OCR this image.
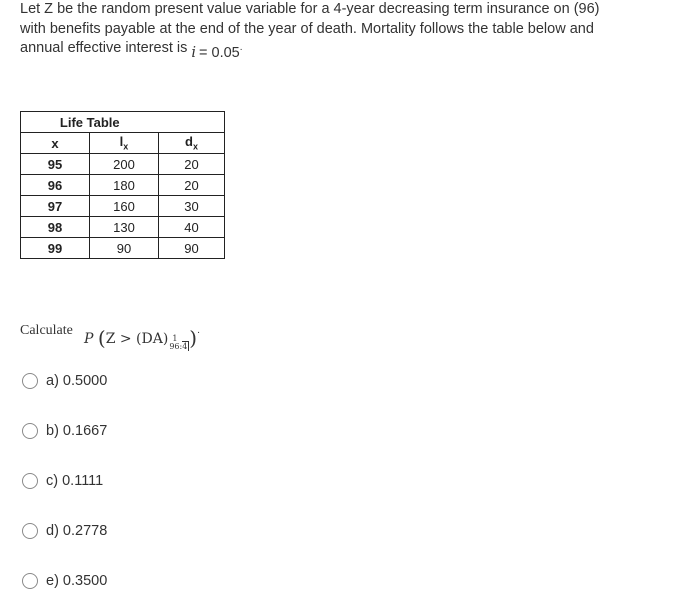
Let Z be the random present value variable for a 4-year decreasing term insurance on (96)
with benefits payable at the end of the year of death. Mortality follows the table below and
annual effective interest is i = 0.05.
Life Table		
x	$l_x$	$d_x$
95	200	20
96	180	20
97	160	30
98	130	40
99	90	90
Calculate
P (Z > (DA) 1
96:4 ).
a) 0.5000
b) 0.1667
c) 0.1111
d) 0.2778
e) 0.3500
